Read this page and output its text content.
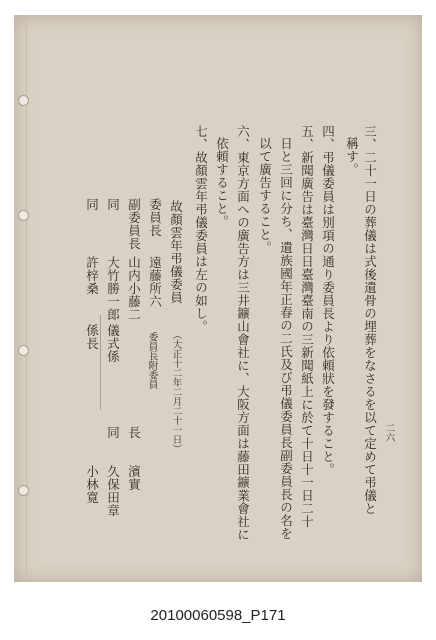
二六
三、二十一日の葬儀は式後遺骨の埋葬をなさるを以て定めて弔儀と
稱す。
四、弔儀委員は別項の通り委員長より依頼狀を發すること。
五、新聞廣告は臺灣日日臺灣臺南の三新聞紙上に於て十日十一日二十
日と三回に分ち、遺族國年正春の二氏及び弔儀委員長副委員長の名を
以て廣告すること。
六、東京方面への廣告方は三井鑛山會社に、大阪方面は藤田鑛業會社に
依頼すること。
七、故顏雲年弔儀委員は左の如し。
故顏雲年弔儀委員
（大正十二年二月二十一日）
委員長附委員
委員長
副委員長
同
同
遠藤所六
山内小藤二
大竹勝一郎
許梓桑
長
同
儀式係
係長
濱實
久保田章
小林寛
20100060598_P171
